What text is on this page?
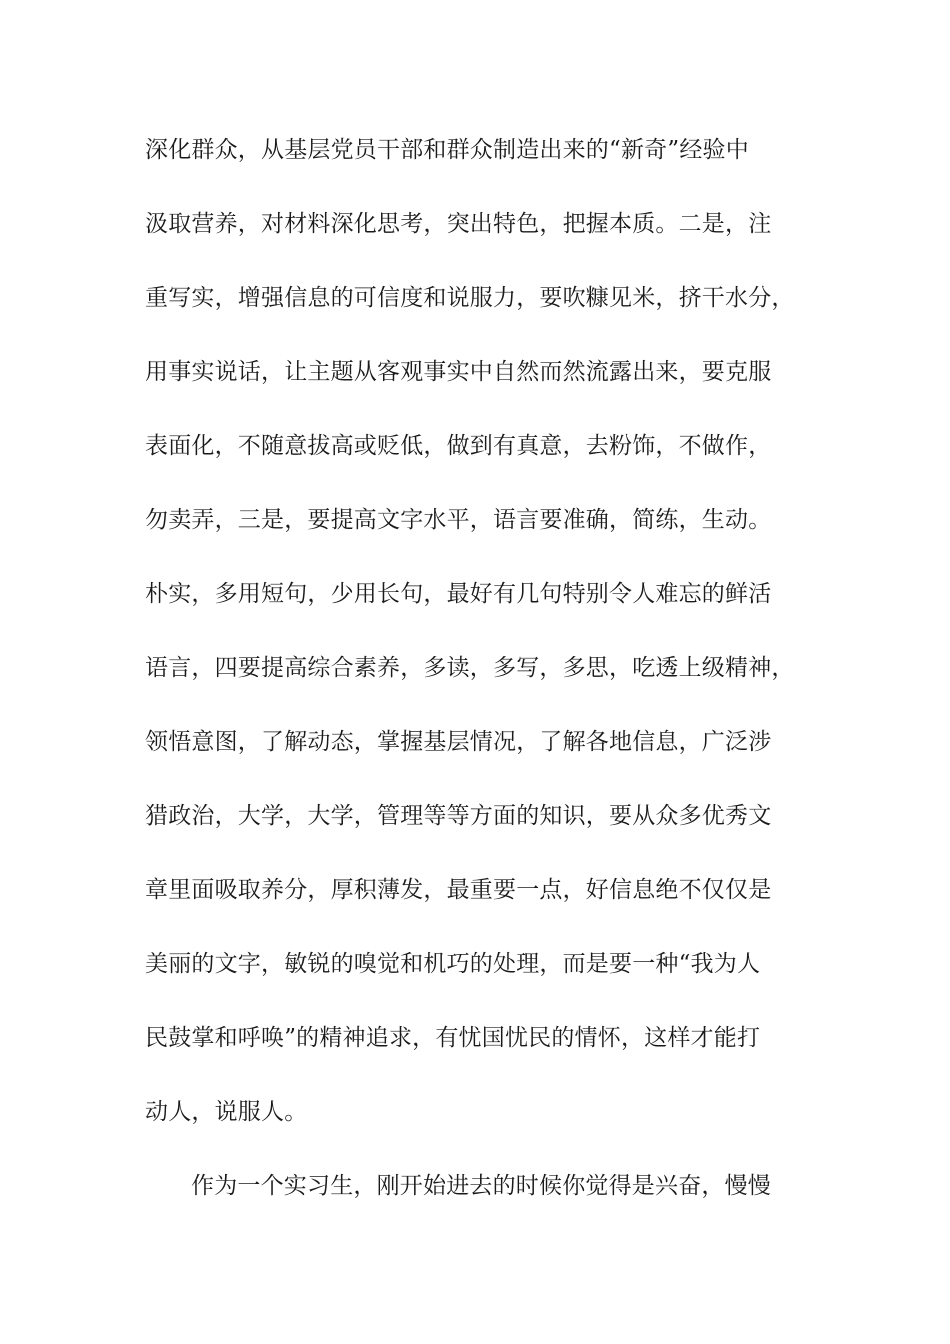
深化群众，从基层党员干部和群众制造出来的“新奇”经验中
汲取营养，对材料深化思考，突出特色，把握本质。二是，注
重写实，增强信息的可信度和说服力，要吹糠见米，挤干水分，
用事实说话，让主题从客观事实中自然而然流露出来，要克服
表面化，不随意拔高或贬低，做到有真意，去粉饰，不做作，
勿卖弄，三是，要提高文字水平，语言要准确，简练，生动。
朴实，多用短句，少用长句，最好有几句特别令人难忘的鲜活
语言，四要提高综合素养，多读，多写，多思，吃透上级精神，
领悟意图，了解动态，掌握基层情况，了解各地信息，广泛涉
猎政治，大学，大学，管理等等方面的知识，要从众多优秀文
章里面吸取养分，厚积薄发，最重要一点，好信息绝不仅仅是
美丽的文字，敏锐的嗅觉和机巧的处理，而是要一种“我为人
民鼓掌和呼唤”的精神追求，有忧国忧民的情怀，这样才能打
动人，说服人。
作为一个实习生，刚开始进去的时候你觉得是兴奋，慢慢
